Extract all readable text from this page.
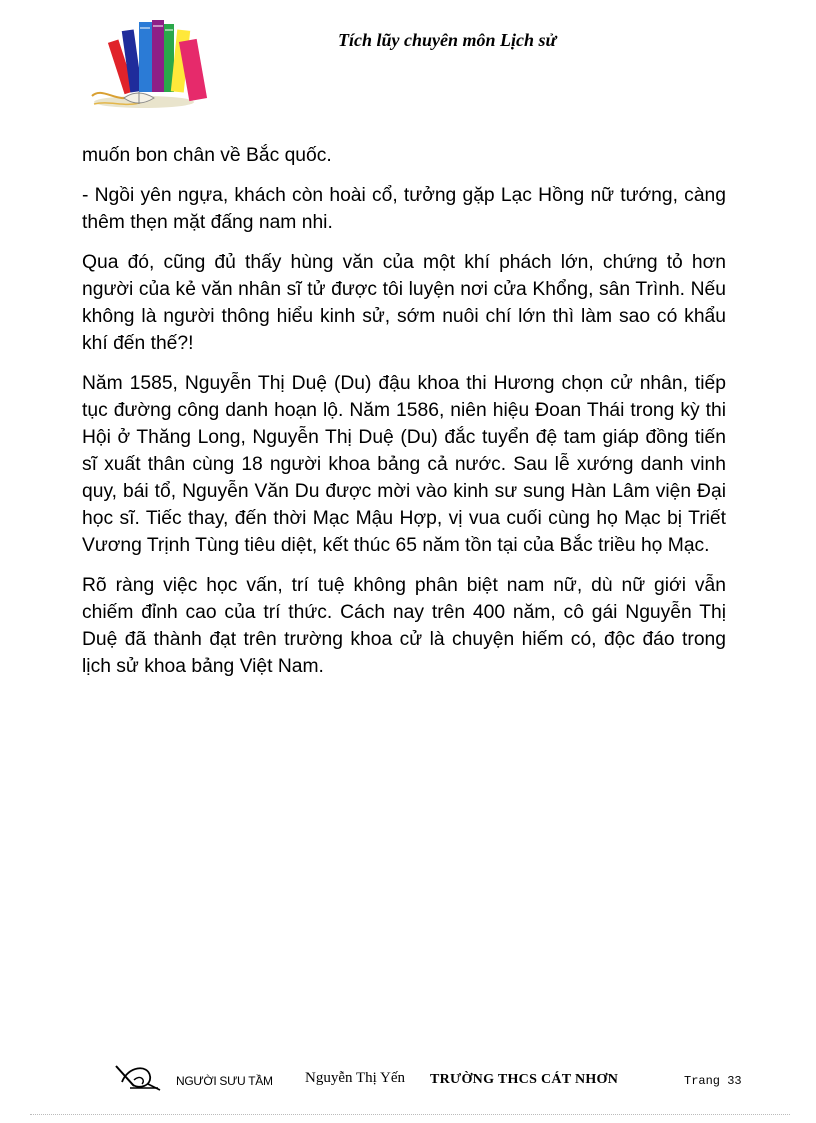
Tích lũy chuyên môn Lịch sử

muốn bon chân về Bắc quốc.

- Ngồi yên ngựa, khách còn hoài cổ, tưởng gặp Lạc Hồng nữ tướng, càng thêm thẹn mặt đấng nam nhi.

Qua đó, cũng đủ thấy hùng văn của một khí phách lớn, chứng tỏ hơn người của kẻ văn nhân sĩ tử được tôi luyện nơi cửa Khổng, sân Trình. Nếu không là người thông hiểu kinh sử, sớm nuôi chí lớn thì làm sao có khẩu khí đến thế?!

Năm 1585, Nguyễn Thị Duệ (Du) đậu khoa thi Hương chọn cử nhân, tiếp tục đường công danh hoạn lộ. Năm 1586, niên hiệu Đoan Thái trong kỳ thi Hội ở Thăng Long, Nguyễn Thị Duệ (Du) đắc tuyển đệ tam giáp đồng tiến sĩ xuất thân cùng 18 người khoa bảng cả nước. Sau lễ xướng danh vinh quy, bái tổ, Nguyễn Văn Du được mời vào kinh sư sung Hàn Lâm viện Đại học sĩ. Tiếc thay, đến thời Mạc Mậu Hợp, vị vua cuối cùng họ Mạc bị Triết Vương Trịnh Tùng tiêu diệt, kết thúc 65 năm tồn tại của Bắc triều họ Mạc.

Rõ ràng việc học vấn, trí tuệ không phân biệt nam nữ, dù nữ giới vẫn chiếm đỉnh cao của trí thức. Cách nay trên 400 năm, cô gái Nguyễn Thị Duệ đã thành đạt trên trường khoa cử là chuyện hiếm có, độc đáo trong lịch sử khoa bảng Việt Nam.

NGƯỜI SƯU TẦM Nguyễn Thị Yến TRƯỜNG THCS CÁT NHƠN	Trang 33
